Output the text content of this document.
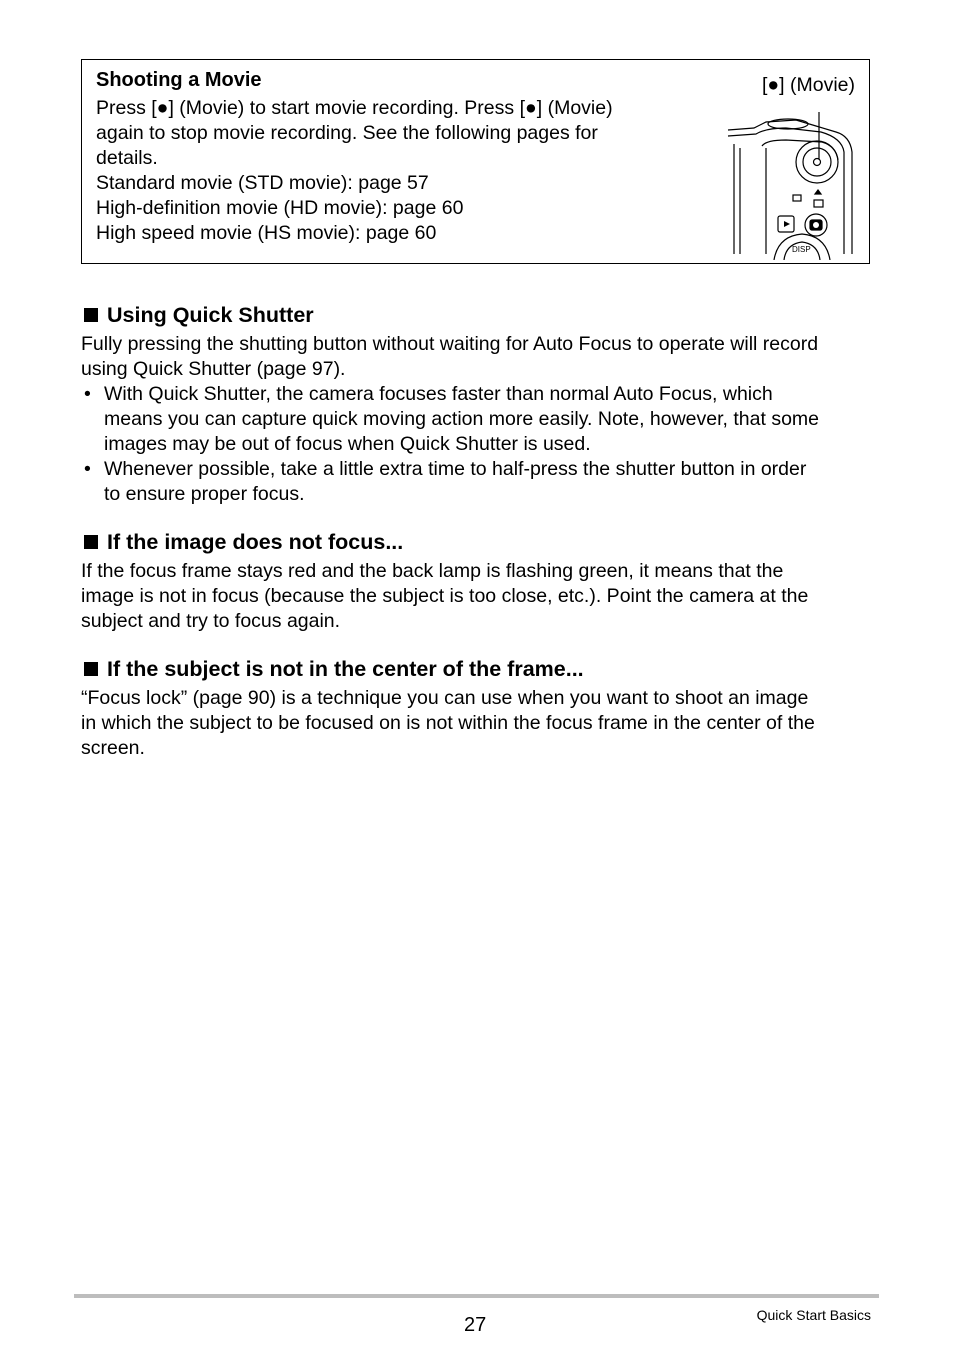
Shooting a Movie
Press [●] (Movie) to start movie recording. Press [●] (Movie)
again to stop movie recording. See the following pages for
details.
Standard movie (STD movie): page 57
High-definition movie (HD movie): page 60
High speed movie (HS movie): page 60
[●] (Movie)
DISP
Using Quick Shutter
Fully pressing the shutting button without waiting for Auto Focus to operate will record
using Quick Shutter (page 97).
• With Quick Shutter, the camera focuses faster than normal Auto Focus, which
means you can capture quick moving action more easily. Note, however, that some
images may be out of focus when Quick Shutter is used.
• Whenever possible, take a little extra time to half-press the shutter button in order
to ensure proper focus.
If the image does not focus...
If the focus frame stays red and the back lamp is flashing green, it means that the
image is not in focus (because the subject is too close, etc.). Point the camera at the
subject and try to focus again.
If the subject is not in the center of the frame...
“Focus lock” (page 90) is a technique you can use when you want to shoot an image
in which the subject to be focused on is not within the focus frame in the center of the
screen.
27	Quick Start Basics
